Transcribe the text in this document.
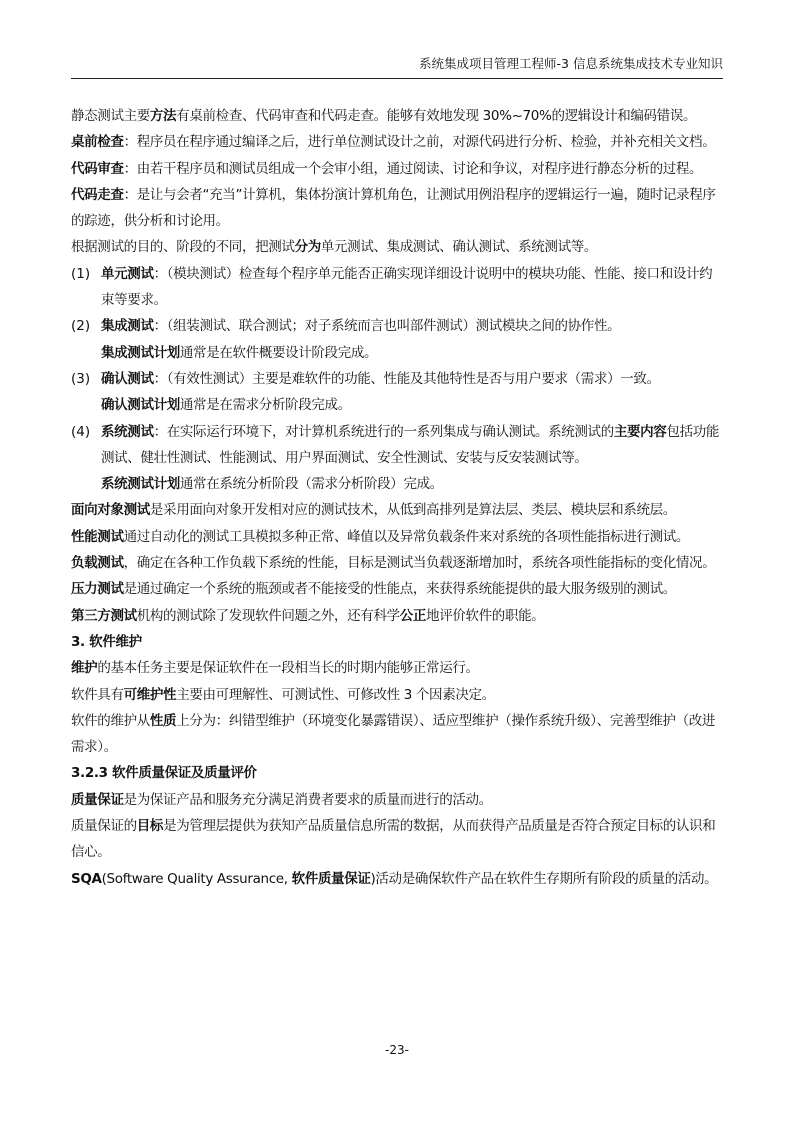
系统集成项目管理工程师-3 信息系统集成技术专业知识

静态测试主要方法有桌前检查、代码审查和代码走查。能够有效地发现 30%~70%的逻辑设计和编码错误。

桌前检查：程序员在程序通过编译之后，进行单位测试设计之前，对源代码进行分析、检验，并补充相关文档。

代码审查：由若干程序员和测试员组成一个会审小组，通过阅读、讨论和争议，对程序进行静态分析的过程。

代码走查：是让与会者“充当”计算机，集体扮演计算机角色，让测试用例沿程序的逻辑运行一遍，随时记录程序的踪迹，供分析和讨论用。

根据测试的目的、阶段的不同，把测试分为单元测试、集成测试、确认测试、系统测试等。

(1) 单元测试：（模块测试）检查每个程序单元能否正确实现详细设计说明中的模块功能、性能、接口和设计约束等要求。

(2) 集成测试：（组装测试、联合测试；对子系统而言也叫部件测试）测试模块之间的协作性。

集成测试计划通常是在软件概要设计阶段完成。

(3) 确认测试：（有效性测试）主要是难软件的功能、性能及其他特性是否与用户要求（需求）一致。

确认测试计划通常是在需求分析阶段完成。

(4) 系统测试：在实际运行环境下，对计算机系统进行的一系列集成与确认测试。系统测试的主要内容包括功能测试、健壮性测试、性能测试、用户界面测试、安全性测试、安装与反安装测试等。

系统测试计划通常在系统分析阶段（需求分析阶段）完成。

面向对象测试是采用面向对象开发相对应的测试技术，从低到高排列是算法层、类层、模块层和系统层。

性能测试通过自动化的测试工具模拟多种正常、峰值以及异常负载条件来对系统的各项性能指标进行测试。

负载测试，确定在各种工作负载下系统的性能，目标是测试当负载逐渐增加时，系统各项性能指标的变化情况。

压力测试是通过确定一个系统的瓶颈或者不能接受的性能点，来获得系统能提供的最大服务级别的测试。

第三方测试机构的测试除了发现软件问题之外，还有科学公正地评价软件的职能。

3. 软件维护

维护的基本任务主要是保证软件在一段相当长的时期内能够正常运行。

软件具有可维护性主要由可理解性、可测试性、可修改性 3 个因素决定。

软件的维护从性质上分为：纠错型维护（环境变化暴露错误）、适应型维护（操作系统升级）、完善型维护（改进需求）。

3.2.3 软件质量保证及质量评价

质量保证是为保证产品和服务充分满足消费者要求的质量而进行的活动。

质量保证的目标是为管理层提供为获知产品质量信息所需的数据，从而获得产品质量是否符合预定目标的认识和信心。

SQA(Software Quality Assurance, 软件质量保证)活动是确保软件产品在软件生存期所有阶段的质量的活动。

-23-
